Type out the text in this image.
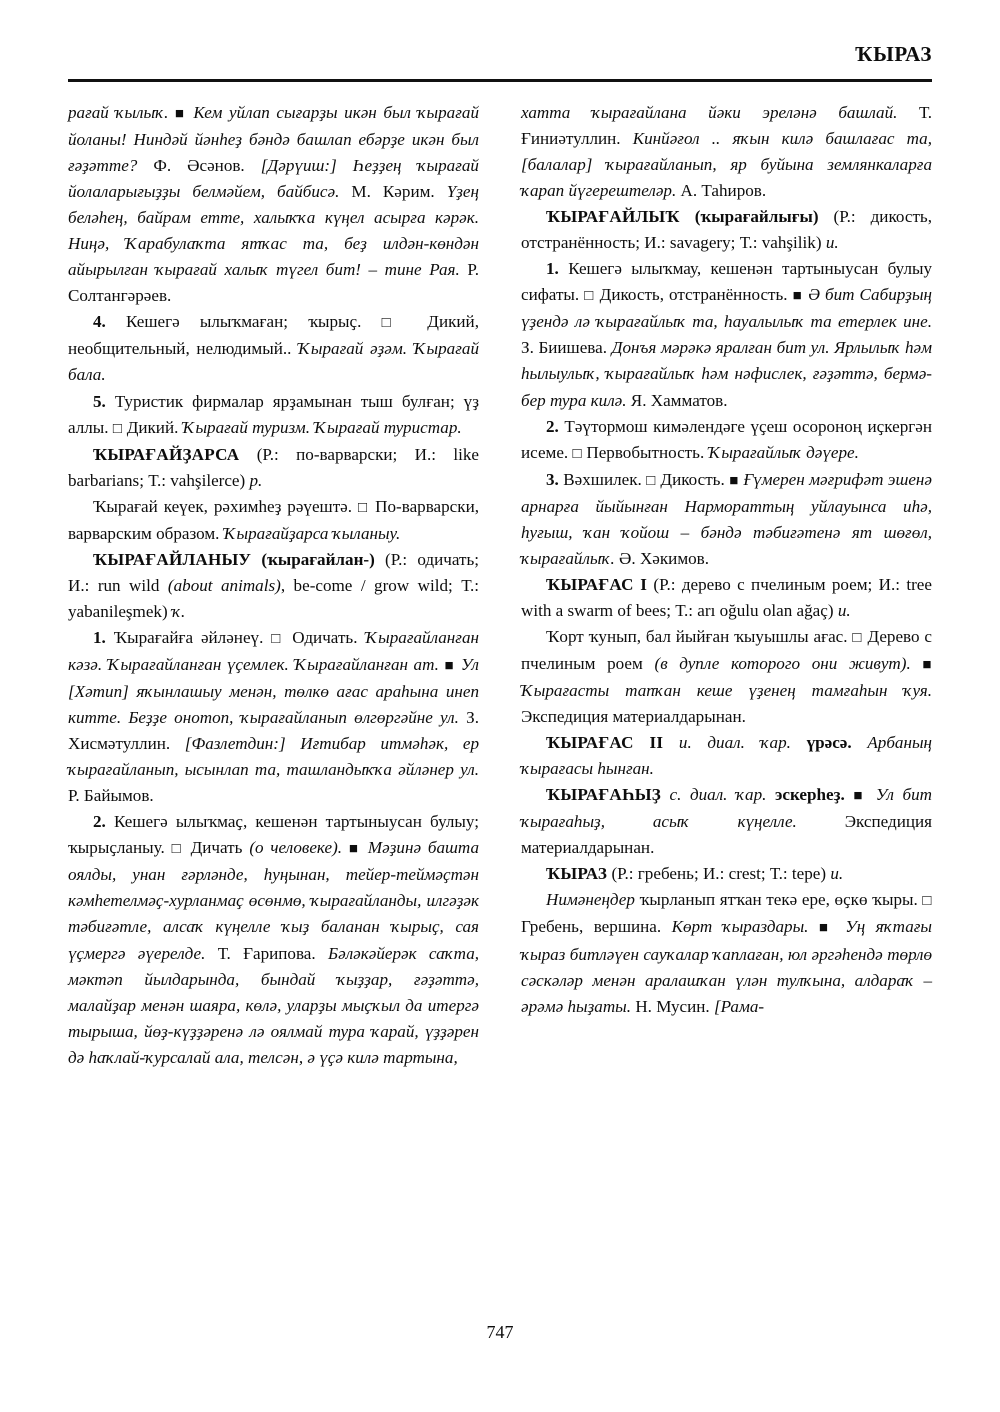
ҠЫРАЗ

рағай ҡылыҡ. ■ Кем уйлап сығарҙы икән был ҡырағай йоланы! Ниндәй йәнһеҙ бәндә башлап ебәрҙе икән был ғәҙәтте? Ф. Әсәнов. [Дәрүиш:] Һеҙҙең ҡырағай йолаларығыҙҙы белмәйем, байбисә. М. Кәрим. Үҙең беләһең, байрам етте, халыҡҡа күңел асырға кәрәк. Ниңә, Ҡарабулаҡта ятҡас та, беҙ илдән-көндән айырылған ҡырағай халыҡ түгел бит! – тине Рая. Р. Солтангәрәев.

4. Кешегә ылыҡмаған; ҡырыҫ. □ Дикий, необщительный, нелюдимый.. Ҡырағай әҙәм. Ҡырағай бала.

5. Туристик фирмалар ярҙамынан тыш булған; үҙ аллы. □ Дикий. Ҡырағай туризм. Ҡырағай туристар.

ҠЫРАҒАЙҘАРСА (Р.: по-варварски; И.: like barbarians; Т.: vahşilerce) р.

Ҡырағай кеүек, рәхимһеҙ рәүештә. □ По-варварски, варварским образом. Ҡырағайҙарса ҡыланыу.

ҠЫРАҒАЙЛАНЫУ (ҡырағайлан-) (Р.: одичать; И.: run wild (about animals), be-come / grow wild; Т.: yabanileşmek) ҡ.

1. Ҡырағайға әйләнеү. □ Одичать. Ҡырағайланған кәзә. Ҡырағайланған үҫемлек. Ҡырағайланған ат. ■ Ул [Хәтип] яҡынлашыу менән, төлкө ағас араһына инеп китте. Беҙҙе онотоп, ҡырағайланып өлгөргәйне ул. З. Хисмәтуллин. [Фазлетдин:] Иғтибар итмәһәк, ер ҡырағайланып, ысынлап та, ташландыҡҡа әйләнер ул. Р. Байымов.

2. Кешегә ылыҡмаҫ, кешенән тартыныусан булыу; ҡырыҫланыу. □ Дичать (о человеке). ■ Мәҙинә башта оялды, унан ғәрләнде, һуңынан, тейер-теймәҫтән кәмһетелмәҫ-хурланмаҫ өсөнмө, ҡырағайланды, илгәҙәк тәбиғәтле, алсаҡ күңелле ҡыҙ баланан ҡырыҫ, сая үҫмергә әүерелде. Т. Ғарипова. Бәләкәйерәк саҡта, мәктәп йылдарында, бындай ҡыҙҙар, ғәҙәттә, малайҙар менән шаяра, көлә, уларҙы мыҫҡыл да итергә тырыша, йөҙ-күҙҙәренә лә оялмай тура ҡарай, үҙҙәрен дә һаҡлай-ҡурсалай ала, телсән, ә үҫә килә тартына,

хатта ҡырағайлана йәки эреләнә башлай. Т. Ғиниәтуллин. Кинйәғол .. яҡын килә башлағас та, [балалар] ҡырағайланып, яр буйына землянкаларға ҡарап йүгерештеләр. А. Таһиров.

ҠЫРАҒАЙЛЫҠ (ҡырағайлығы) (Р.: дикость, отстранённость; И.: savagery; Т.: vahşilik) и.

1. Кешегә ылыҡмау, кешенән тартыныусан булыу сифаты. □ Дикость, отстранённость. ■ Ә бит Сабирҙың үҙендә лә ҡырағайлыҡ та, һауалылыҡ та етерлек ине. З. Биишева. Донъя мәрәкә яралған бит ул. Ярлылыҡ һәм һылыулыҡ, ҡырағайлыҡ һәм нәфислек, ғәҙәттә, бермә-бер тура килә. Я. Хамматов.

2. Тәүтормош кимәлендәге үҫеш осороноң иҫкергән исеме. □ Первобытность. Ҡырағайлыҡ дәүере.

3. Вәхшилек. □ Дикость. ■ Ғүмерен мәғрифәт эшенә арнарға йыйынған Нармораттың уйлауынса иһә, һуғыш, ҡан ҡойош – бәндә тәбиғәтенә ят шөғөл, ҡырағайлыҡ. Ә. Хәкимов.

ҠЫРАҒАС I (Р.: дерево с пчелиным роем; И.: tree with a swarm of bees; Т.: arı oğulu olan ağaç) и.

Ҡорт ҡунып, бал йыйған ҡыуышлы ағас. □ Дерево с пчелиным роем (в дупле которого они живут). ■ Ҡырағасты тапҡан кеше үҙенең тамғаһын ҡуя. Экспедиция материалдарынан.

ҠЫРАҒАС II и. диал. ҡар. үрәсә. Арбаның ҡырағасы һынған.

ҠЫРАҒАҺЫҘ с. диал. ҡар. эскерһеҙ. ■ Ул бит ҡырағаһыҙ, асыҡ күңелле.	Экспедиция материалдарынан.

ҠЫРАЗ (Р.: гребень; И.: crest; Т.: tepe) и.

Нимәнеңдер ҡырланып ятҡан текә ере, өҫкө ҡыры. □ Гребень, вершина. Көрт ҡыраздары. ■ Уң яҡтағы ҡыраз битләүен сауҡалар ҡаплаған, юл әргәһендә төрлө сәскәләр менән аралашҡан үлән тулҡына, алдараҡ – әрәмә һыҙаты. Н. Мусин. [Рама-

747
